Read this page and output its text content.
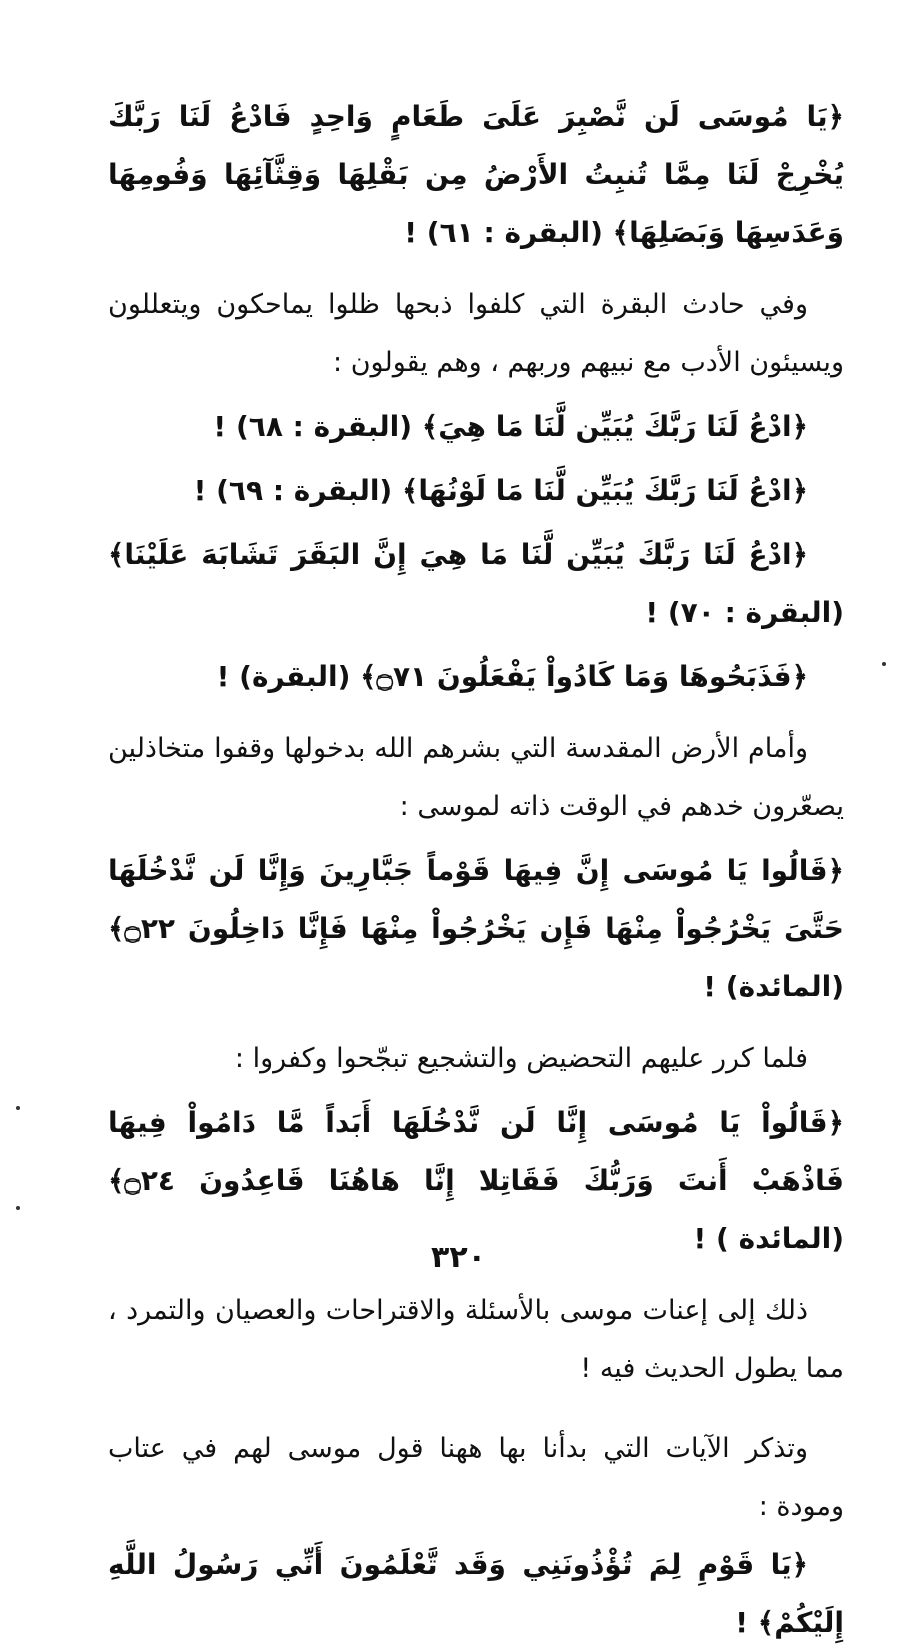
﴿يَا مُوسَى لَن نَّصْبِرَ عَلَىَ طَعَامٍ وَاحِدٍ فَادْعُ لَنَا رَبَّكَ يُخْرِجْ لَنَا مِمَّا تُنبِتُ الأَرْضُ مِن بَقْلِهَا وَقِثَّآئِهَا وَفُومِهَا وَعَدَسِهَا وَبَصَلِهَا﴾ (البقرة : ٦١) !
وفي حادث البقرة التي كلفوا ذبحها ظلوا يماحكون ويتعللون ويسيئون الأدب مع نبيهم وربهم ، وهم يقولون :
﴿ادْعُ لَنَا رَبَّكَ يُبَيِّن لَّنَا مَا هِيَ﴾ (البقرة : ٦٨) !
﴿ادْعُ لَنَا رَبَّكَ يُبَيِّن لَّنَا مَا لَوْنُهَا﴾ (البقرة : ٦٩) !
﴿ادْعُ لَنَا رَبَّكَ يُبَيِّن لَّنَا مَا هِيَ إِنَّ البَقَرَ تَشَابَهَ عَلَيْنَا﴾ (البقرة : ٧٠) !
﴿فَذَبَحُوهَا وَمَا كَادُواْ يَفْعَلُونَ ۝٧١﴾ (البقرة) !
وأمام الأرض المقدسة التي بشرهم الله بدخولها وقفوا متخاذلين يصعّرون خدهم في الوقت ذاته لموسى :
﴿قَالُوا يَا مُوسَى إِنَّ فِيهَا قَوْماً جَبَّارِينَ وَإِنَّا لَن نَّدْخُلَهَا حَتَّىَ يَخْرُجُواْ مِنْهَا فَإِن يَخْرُجُواْ مِنْهَا فَإِنَّا دَاخِلُونَ ۝٢٢﴾ (المائدة) !
فلما كرر عليهم التحضيض والتشجيع تبجّحوا وكفروا :
﴿قَالُواْ يَا مُوسَى إِنَّا لَن نَّدْخُلَهَا أَبَداً مَّا دَامُواْ فِيهَا فَاذْهَبْ أَنتَ وَرَبُّكَ فَقَاتِلا إِنَّا هَاهُنَا قَاعِدُونَ ۝٢٤﴾ (المائدة ) !
ذلك إلى إعنات موسى بالأسئلة والاقتراحات والعصيان والتمرد ، مما يطول الحديث فيه !
وتذكر الآيات التي بدأنا بها ههنا قول موسى لهم في عتاب ومودة :
﴿يَا قَوْمِ لِمَ تُؤْذُونَنِي وَقَد تَّعْلَمُونَ أَنِّي رَسُولُ اللَّهِ إِلَيْكُمْ﴾ !
٣٢٠
